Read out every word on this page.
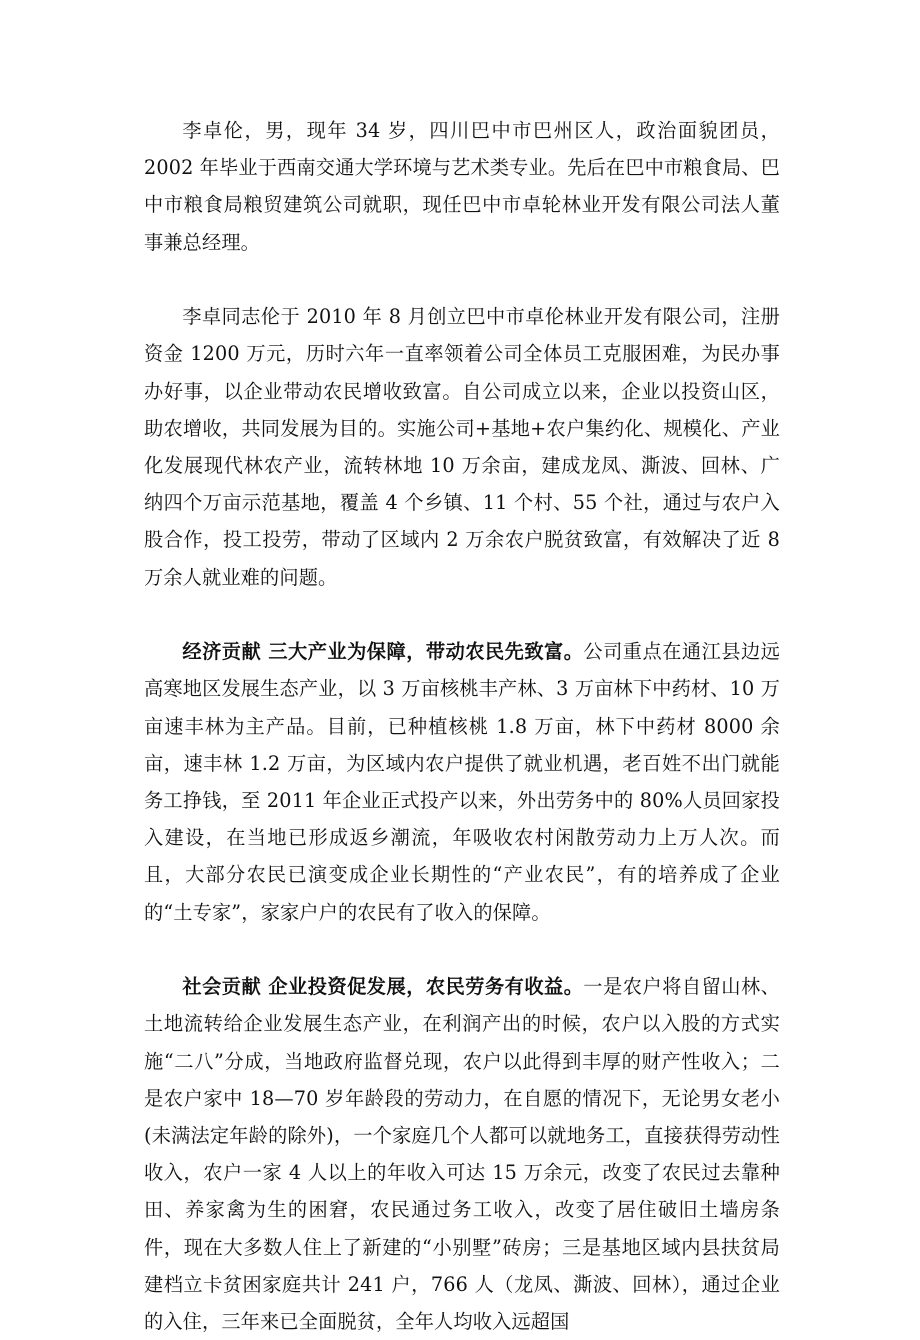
李卓伦，男，现年 34 岁，四川巴中市巴州区人，政治面貌团员，2002 年毕业于西南交通大学环境与艺术类专业。先后在巴中市粮食局、巴中市粮食局粮贸建筑公司就职，现任巴中市卓轮林业开发有限公司法人董事兼总经理。

李卓同志伦于 2010 年 8 月创立巴中市卓伦林业开发有限公司，注册资金 1200 万元，历时六年一直率领着公司全体员工克服困难，为民办事办好事，以企业带动农民增收致富。自公司成立以来，企业以投资山区，助农增收，共同发展为目的。实施公司+基地+农户集约化、规模化、产业化发展现代林农产业，流转林地 10 万余亩，建成龙凤、澌波、回林、广纳四个万亩示范基地，覆盖 4 个乡镇、11 个村、55 个社，通过与农户入股合作，投工投劳，带动了区域内 2 万余农户脱贫致富，有效解决了近 8 万余人就业难的问题。

经济贡献 三大产业为保障，带动农民先致富。公司重点在通江县边远高寒地区发展生态产业，以 3 万亩核桃丰产林、3 万亩林下中药材、10 万亩速丰林为主产品。目前，已种植核桃 1.8 万亩，林下中药材 8000 余亩，速丰林 1.2 万亩，为区域内农户提供了就业机遇，老百姓不出门就能务工挣钱，至 2011 年企业正式投产以来，外出劳务中的 80%人员回家投入建设，在当地已形成返乡潮流，年吸收农村闲散劳动力上万人次。而且，大部分农民已演变成企业长期性的“产业农民”，有的培养成了企业的“土专家”，家家户户的农民有了收入的保障。

社会贡献 企业投资促发展，农民劳务有收益。一是农户将自留山林、土地流转给企业发展生态产业，在利润产出的时候，农户以入股的方式实施“二八”分成，当地政府监督兑现，农户以此得到丰厚的财产性收入；二是农户家中 18—70 岁年龄段的劳动力，在自愿的情况下，无论男女老小(未满法定年龄的除外)，一个家庭几个人都可以就地务工，直接获得劳动性收入，农户一家 4 人以上的年收入可达 15 万余元，改变了农民过去靠种田、养家禽为生的困窘，农民通过务工收入，改变了居住破旧土墙房条件，现在大多数人住上了新建的“小别墅”砖房；三是基地区域内县扶贫局建档立卡贫困家庭共计 241 户，766 人（龙凤、澌波、回林），通过企业的入住，三年来已全面脱贫，全年人均收入远超国
